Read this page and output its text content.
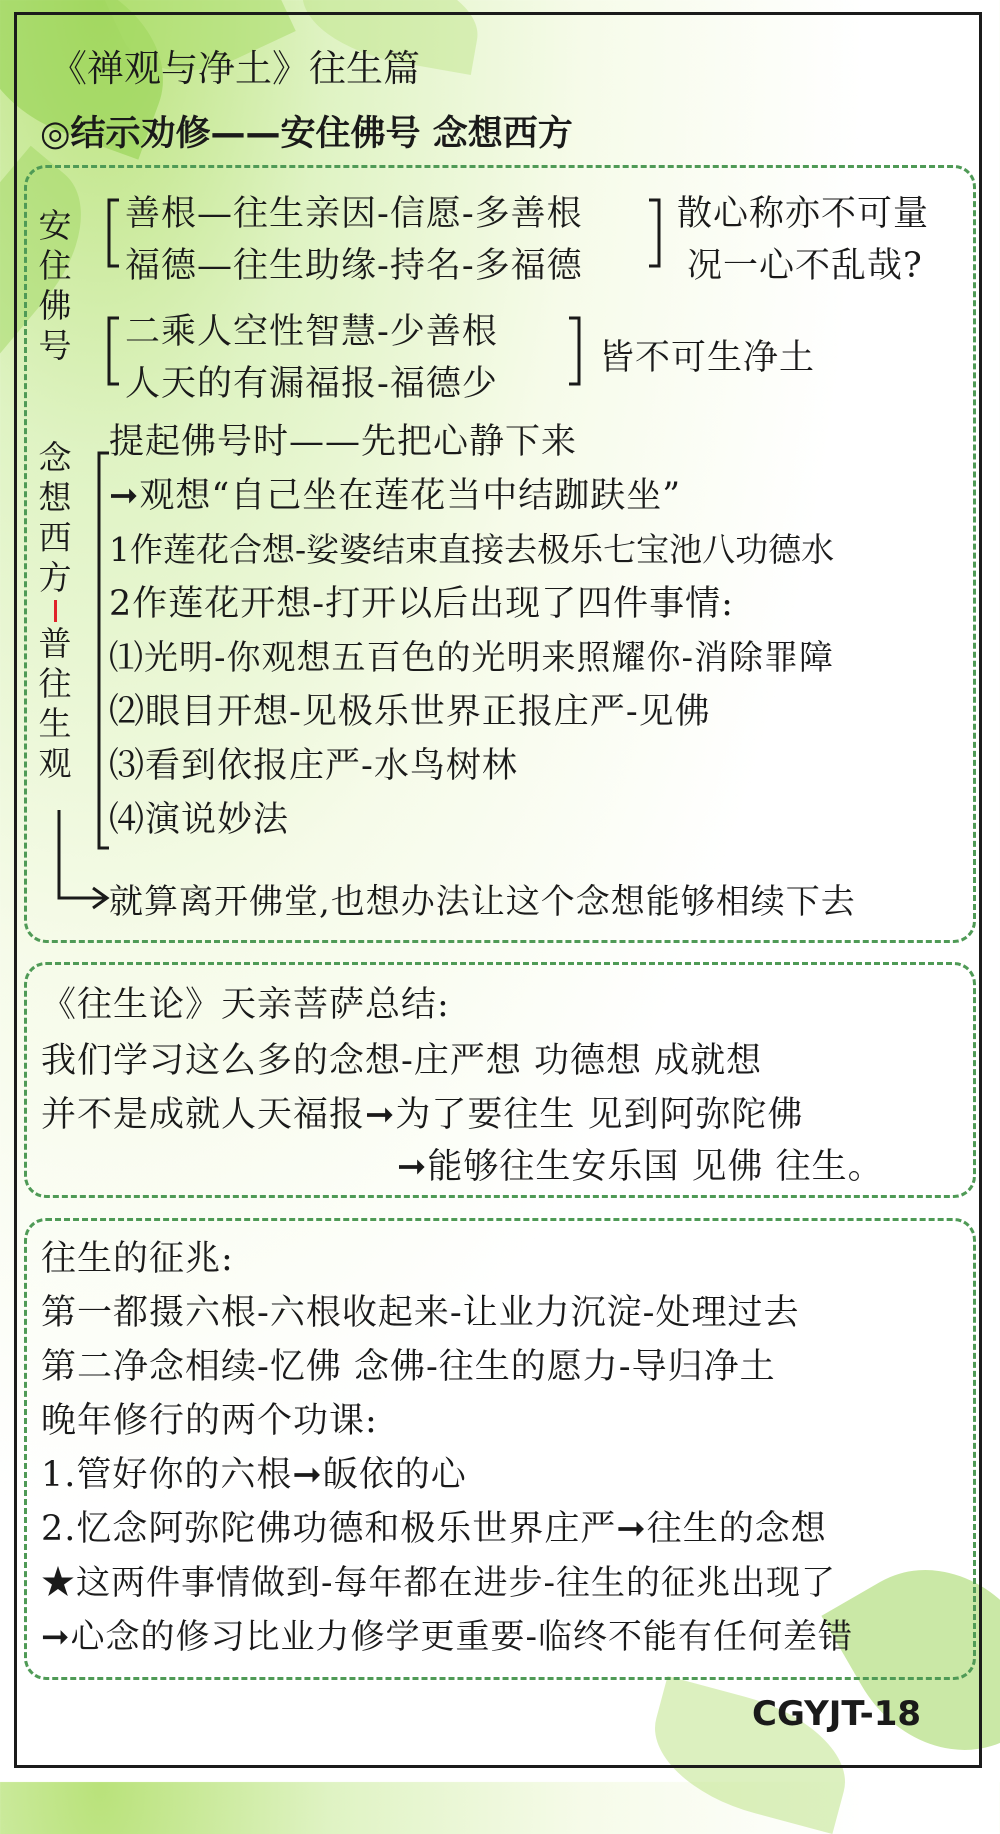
《禅观与净土》往生篇
◎结示劝修——安住佛号 念想西方
安
住
佛
号
善根—往生亲因-信愿-多善根
福德—往生助缘-持名-多福德
散心称亦不可量
况一心不乱哉?
二乘人空性智慧-少善根
人天的有漏福报-福德少
皆不可生净土
念
想
西
方
普
往
生
观
提起佛号时——先把心静下来
➞观想“自己坐在莲花当中结跏趺坐”
1作莲花合想-娑婆结束直接去极乐七宝池八功德水
2作莲花开想-打开以后出现了四件事情:
⑴光明-你观想五百色的光明来照耀你-消除罪障
⑵眼目开想-见极乐世界正报庄严-见佛
⑶看到依报庄严-水鸟树林
⑷演说妙法
就算离开佛堂,也想办法让这个念想能够相续下去
《往生论》天亲菩萨总结:
我们学习这么多的念想-庄严想 功德想 成就想
并不是成就人天福报➞为了要往生 见到阿弥陀佛
➞能够往生安乐国 见佛 往生。
往生的征兆:
第一都摄六根-六根收起来-让业力沉淀-处理过去
第二净念相续-忆佛 念佛-往生的愿力-导归净土
晚年修行的两个功课:
1.管好你的六根➞皈依的心
2.忆念阿弥陀佛功德和极乐世界庄严➞往生的念想
★这两件事情做到-每年都在进步-往生的征兆出现了
➞心念的修习比业力修学更重要-临终不能有任何差错
CGYJT-18
